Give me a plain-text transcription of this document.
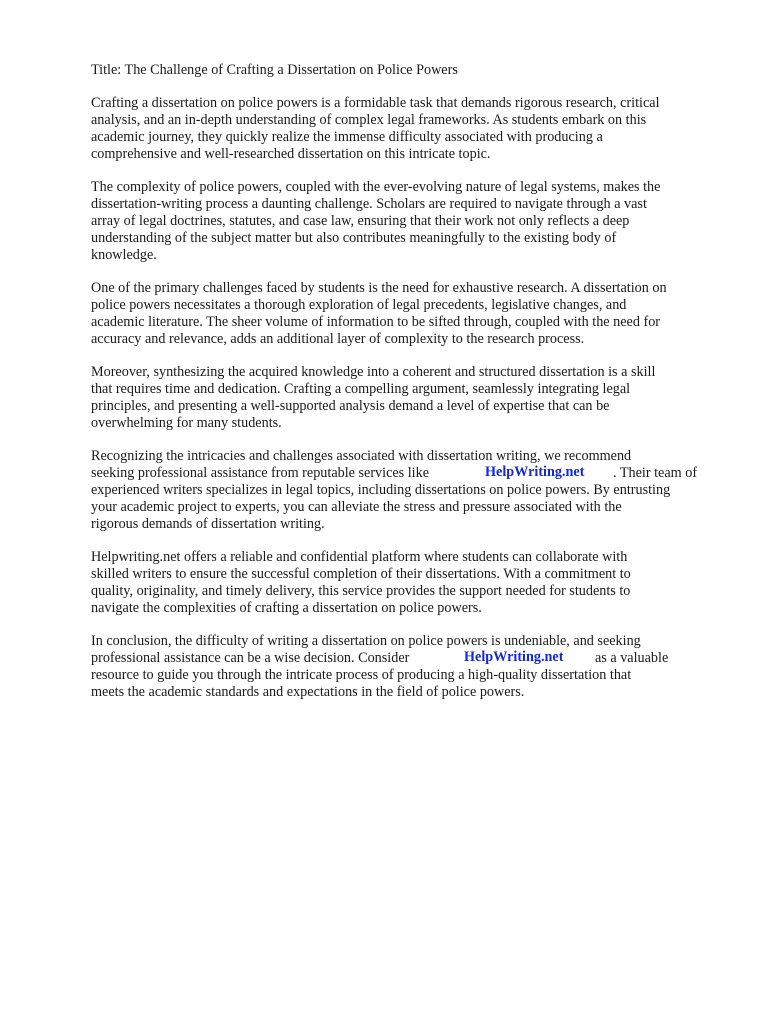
Title: The Challenge of Crafting a Dissertation on Police Powers
Crafting a dissertation on police powers is a formidable task that demands rigorous research, critical
analysis, and an in-depth understanding of complex legal frameworks. As students embark on this
academic journey, they quickly realize the immense difficulty associated with producing a
comprehensive and well-researched dissertation on this intricate topic.
The complexity of police powers, coupled with the ever-evolving nature of legal systems, makes the
dissertation-writing process a daunting challenge. Scholars are required to navigate through a vast
array of legal doctrines, statutes, and case law, ensuring that their work not only reflects a deep
understanding of the subject matter but also contributes meaningfully to the existing body of
knowledge.
One of the primary challenges faced by students is the need for exhaustive research. A dissertation on
police powers necessitates a thorough exploration of legal precedents, legislative changes, and
academic literature. The sheer volume of information to be sifted through, coupled with the need for
accuracy and relevance, adds an additional layer of complexity to the research process.
Moreover, synthesizing the acquired knowledge into a coherent and structured dissertation is a skill
that requires time and dedication. Crafting a compelling argument, seamlessly integrating legal
principles, and presenting a well-supported analysis demand a level of expertise that can be
overwhelming for many students.
Recognizing the intricacies and challenges associated with dissertation writing, we recommend
seeking professional assistance from reputable services like	HelpWriting.net . Their team of
experienced writers specializes in legal topics, including dissertations on police powers. By entrusting
your academic project to experts, you can alleviate the stress and pressure associated with the
rigorous demands of dissertation writing.
Helpwriting.net offers a reliable and confidential platform where students can collaborate with
skilled writers to ensure the successful completion of their dissertations. With a commitment to
quality, originality, and timely delivery, this service provides the support needed for students to
navigate the complexities of crafting a dissertation on police powers.
In conclusion, the difficulty of writing a dissertation on police powers is undeniable, and seeking
professional assistance can be a wise decision. Consider	HelpWriting.net as a valuable
resource to guide you through the intricate process of producing a high-quality dissertation that
meets the academic standards and expectations in the field of police powers.
